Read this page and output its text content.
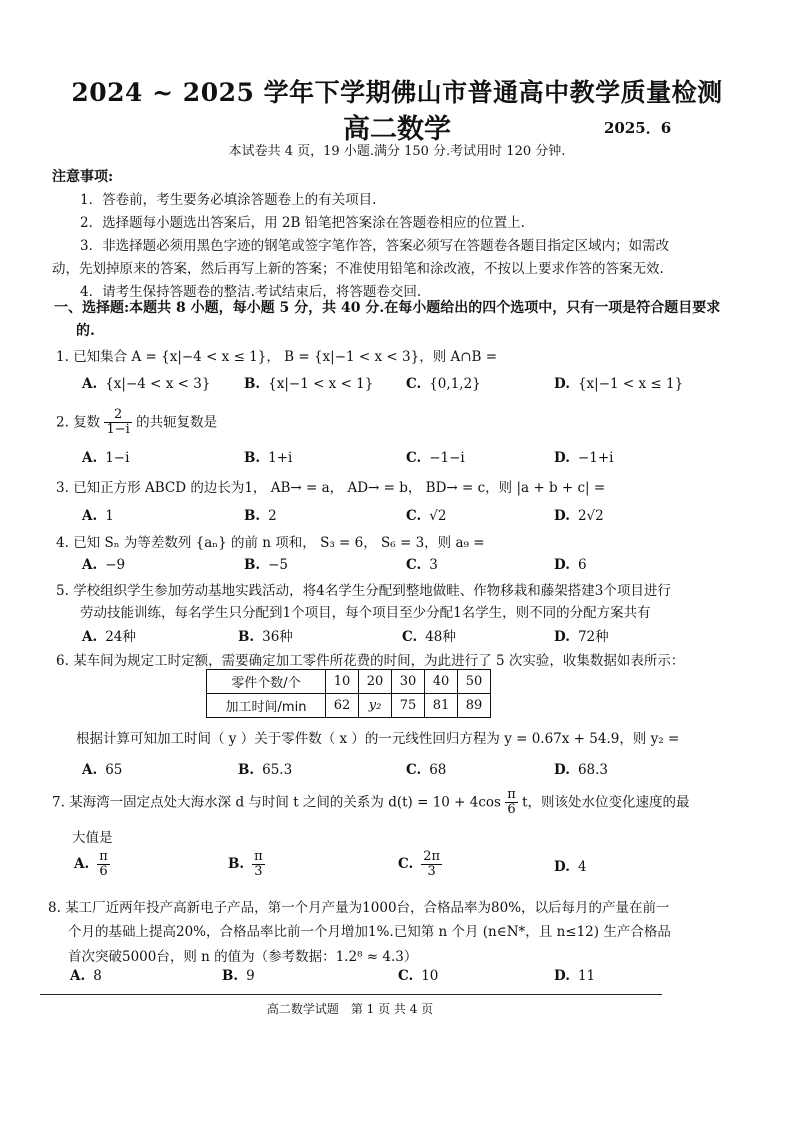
2024 ~ 2025 学年下学期佛山市普通高中教学质量检测
高二数学	2025．6
本试卷共 4 页，19 小题.满分 150 分.考试用时 120 分钟.
注意事项:
1．答卷前，考生要务必填涂答题卷上的有关项目.
2．选择题每小题选出答案后，用 2B 铅笔把答案涂在答题卷相应的位置上.
3．非选择题必须用黑色字迹的钢笔或签字笔作答，答案必须写在答题卷各题目指定区域内；如需改
动，先划掉原来的答案，然后再写上新的答案；不准使用铅笔和涂改液，不按以上要求作答的答案无效.
4．请考生保持答题卷的整洁.考试结束后，将答题卷交回.
一、选择题:本题共 8 小题，每小题 5 分，共 40 分.在每小题给出的四个选项中，只有一项是符合题目要求
的.
1. 已知集合 A = {x|−4 < x ≤ 1}， B = {x|−1 < x < 3}，则 A∩B =
A. {x|−4 < x < 3} B. {x|−1 < x < 1} C. {0,1,2}	D. {x|−1 < x ≤ 1}
2. 复数 $\frac{2}{1-i}$ 的共轭复数是
A. 1−i	B. 1+i	C. −1−i	D. −1+i
3. 已知正方形 ABCD 的边长为1， AB→ = a， AD→ = b， BD→ = c，则 |a + b + c| =
A. 1	B. 2	C. √2	D. 2√2
4. 已知 Sₙ 为等差数列 {aₙ} 的前 n 项和， S₃ = 6， S₆ = 3，则 a₉ =
A. −9	B. −5	C. 3	D. 6
5. 学校组织学生参加劳动基地实践活动，将4名学生分配到整地做畦、作物移栽和藤架搭建3个项目进行
劳动技能训练，每名学生只分配到1个项目，每个项目至少分配1名学生，则不同的分配方案共有
A. 24种	B. 36种	C. 48种	D. 72种
6. 某车间为规定工时定额，需要确定加工零件所花费的时间，为此进行了 5 次实验，收集数据如表所示：
零件个数/个	10	20	30	40	50
加工时间/min	62	y₂	75	81	89
根据计算可知加工时间（ y ）关于零件数（ x ）的一元线性回归方程为 y = 0.67x + 54.9，则 y₂ =
A. 65	B. 65.3	C. 68	D. 68.3
7. 某海湾一固定点处大海水深 d 与时间 t 之间的关系为 $d(t) = 10 + 4\cos \frac{\pi}{6}$ t，则该处水位变化速度的最
大值是
A. $\frac{\pi}{6}$	B. $\frac{\pi}{3}$	C. $\frac{2\pi}{3}$	D. 4
8. 某工厂近两年投产高新电子产品，第一个月产量为1000台，合格品率为80%，以后每月的产量在前一
个月的基础上提高20%，合格品率比前一个月增加1%.已知第 n 个月 (n∈N*，且 n≤12) 生产合格品
首次突破5000台，则 n 的值为（参考数据：1.2⁸ ≈ 4.3）
A. 8	B. 9	C. 10	D. 11
高二数学试题　第 1 页 共 4 页
